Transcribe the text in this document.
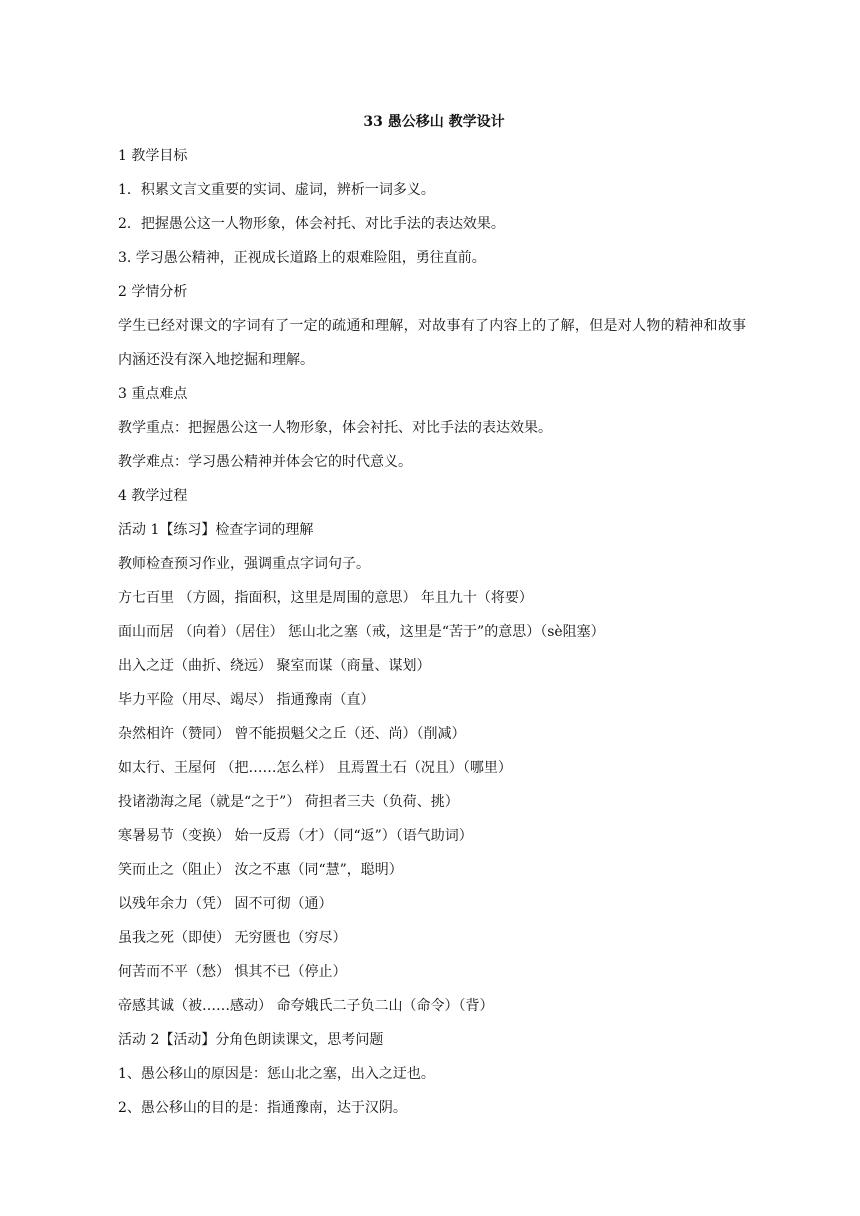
33 愚公移山 教学设计
1 教学目标
1．积累文言文重要的实词、虚词，辨析一词多义。
2．把握愚公这一人物形象，体会衬托、对比手法的表达效果。
3. 学习愚公精神，正视成长道路上的艰难险阻，勇往直前。
2 学情分析
学生已经对课文的字词有了一定的疏通和理解，对故事有了内容上的了解，但是对人物的精神和故事内涵还没有深入地挖掘和理解。
3 重点难点
教学重点：把握愚公这一人物形象，体会衬托、对比手法的表达效果。
教学难点：学习愚公精神并体会它的时代意义。
4 教学过程
活动 1【练习】检查字词的理解
教师检查预习作业，强调重点字词句子。
方七百里 （方圆，指面积，这里是周围的意思） 年且九十（将要）
面山而居 （向着）（居住） 惩山北之塞（戒，这里是“苦于”的意思）（sè阻塞）
出入之迂（曲折、绕远） 聚室而谋（商量、谋划）
毕力平险（用尽、竭尽） 指通豫南（直）
杂然相许（赞同） 曾不能损魁父之丘（还、尚）（削减）
如太行、王屋何 （把……怎么样） 且焉置土石（况且）（哪里）
投诸渤海之尾（就是“之于”） 荷担者三夫（负荷、挑）
寒暑易节（变换） 始一反焉（才）（同“返”）（语气助词）
笑而止之（阻止） 汝之不惠（同“慧”，聪明）
以残年余力（凭） 固不可彻（通）
虽我之死（即使） 无穷匮也（穷尽）
何苦而不平（愁） 惧其不已（停止）
帝感其诚（被……感动） 命夸娥氏二子负二山（命令）（背）
活动 2【活动】分角色朗读课文，思考问题
1、愚公移山的原因是：惩山北之塞，出入之迂也。
2、愚公移山的目的是：指通豫南，达于汉阴。
